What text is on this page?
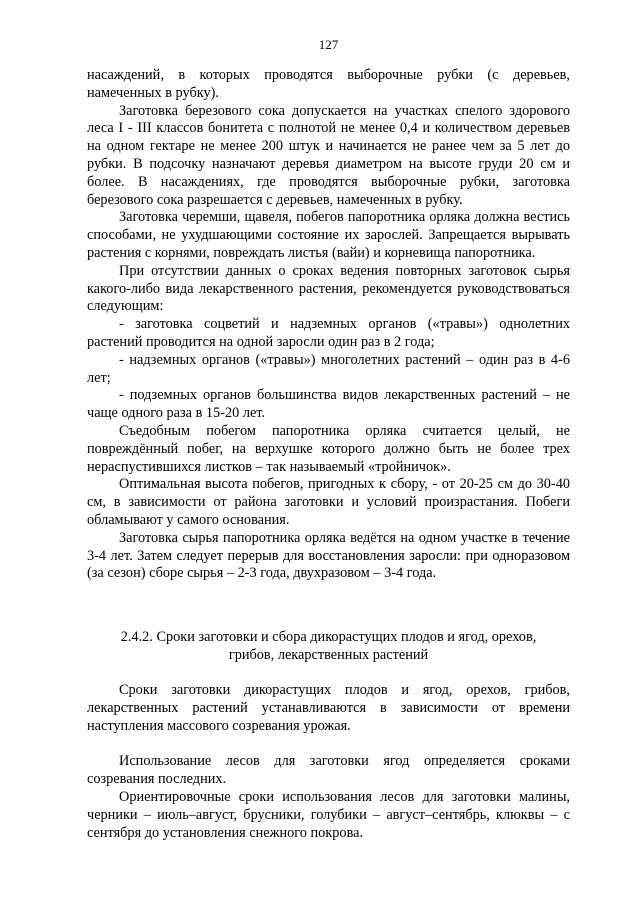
127

насаждений, в которых проводятся выборочные рубки (с деревьев, намеченных в рубку).

Заготовка березового сока допускается на участках спелого здорового леса I - III классов бонитета с полнотой не менее 0,4 и количеством деревьев на одном гектаре не менее 200 штук и начинается не ранее чем за 5 лет до рубки. В подсочку назначают деревья диаметром на высоте груди 20 см и более. В насаждениях, где проводятся выборочные рубки, заготовка березового сока разрешается с деревьев, намеченных в рубку.

Заготовка черемши, щавеля, побегов папоротника орляка должна вестись способами, не ухудшающими состояние их зарослей. Запрещается вырывать растения с корнями, повреждать листья (вайи) и корневища папоротника.

При отсутствии данных о сроках ведения повторных заготовок сырья какого-либо вида лекарственного растения, рекомендуется руководствоваться следующим:

- заготовка соцветий и надземных органов («травы») однолетних растений проводится на одной заросли один раз в 2 года;

- надземных органов («травы») многолетних растений – один раз в 4-6 лет;

- подземных органов большинства видов лекарственных растений – не чаще одного раза в 15-20 лет.

Съедобным побегом папоротника орляка считается целый, не повреждённый побег, на верхушке которого должно быть не более трех нераспустившихся листков – так называемый «тройничок».

Оптимальная высота побегов, пригодных к сбору, - от 20-25 см до 30-40 см, в зависимости от района заготовки и условий произрастания. Побеги обламывают у самого основания.

Заготовка сырья папоротника орляка ведётся на одном участке в течение 3-4 лет. Затем следует перерыв для восстановления заросли: при одноразовом (за сезон) сборе сырья – 2-3 года, двухразовом – 3-4 года.

2.4.2. Сроки заготовки и сбора дикорастущих плодов и ягод, орехов,

грибов, лекарственных растений

Сроки заготовки дикорастущих плодов и ягод, орехов, грибов, лекарственных растений устанавливаются в зависимости от времени наступления массового созревания урожая.

Использование лесов для заготовки ягод определяется сроками созревания последних.

Ориентировочные сроки использования лесов для заготовки малины, черники – июль–август, брусники, голубики – август–сентябрь, клюквы – с сентября до установления снежного покрова.
